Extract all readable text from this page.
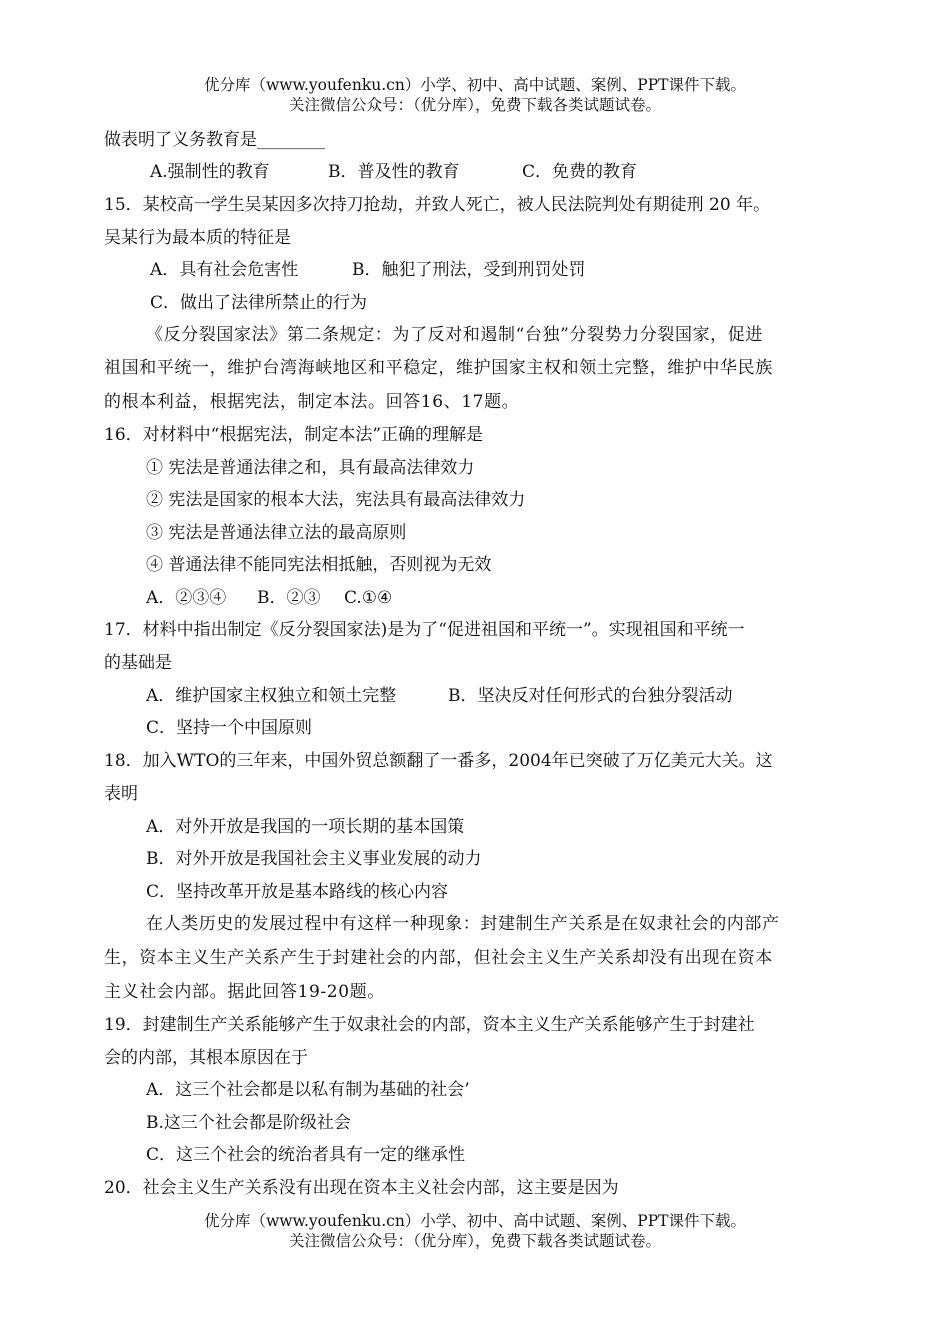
优分库（www.youfenku.cn）小学、初中、高中试题、案例、PPT课件下载。
关注微信公众号：（优分库），免费下载各类试题试卷。
做表明了义务教育是________
A.强制性的教育	B．普及性的教育	C．免费的教育
15．某校高一学生吴某因多次持刀抢劫，并致人死亡，被人民法院判处有期徒刑 20 年。
吴某行为最本质的特征是
A．具有社会危害性	B．触犯了刑法，受到刑罚处罚
C．做出了法律所禁止的行为
《反分裂国家法》第二条规定：为了反对和遏制“台独”分裂势力分裂国家，促进
祖国和平统一，维护台湾海峡地区和平稳定，维护国家主权和领土完整，维护中华民族
的根本利益，根据宪法，制定本法。回答16、17题。
16．对材料中“根据宪法，制定本法”正确的理解是
① 宪法是普通法律之和，具有最高法律效力
② 宪法是国家的根本大法，宪法具有最高法律效力
③ 宪法是普通法律立法的最高原则
④ 普通法律不能同宪法相抵触，否则视为无效
A．②③④ B．②③ C.①④
17．材料中指出制定《反分裂国家法)是为了“促进祖国和平统一”。实现祖国和平统一
的基础是
A．维护国家主权独立和领土完整	B．坚决反对任何形式的台独分裂活动
C．坚持一个中国原则
18．加入WTO的三年来，中国外贸总额翻了一番多，2004年已突破了万亿美元大关。这
表明
A．对外开放是我国的一项长期的基本国策
B．对外开放是我国社会主义事业发展的动力
C．坚持改革开放是基本路线的核心内容
在人类历史的发展过程中有这样一种现象：封建制生产关系是在奴隶社会的内部产
生，资本主义生产关系产生于封建社会的内部，但社会主义生产关系却没有出现在资本
主义社会内部。据此回答19-20题。
19．封建制生产关系能够产生于奴隶社会的内部，资本主义生产关系能够产生于封建社
会的内部，其根本原因在于
A．这三个社会都是以私有制为基础的社会’
B.这三个社会都是阶级社会
C．这三个社会的统治者具有一定的继承性
20．社会主义生产关系没有出现在资本主义社会内部，这主要是因为
优分库（www.youfenku.cn）小学、初中、高中试题、案例、PPT课件下载。
关注微信公众号：（优分库），免费下载各类试题试卷。
